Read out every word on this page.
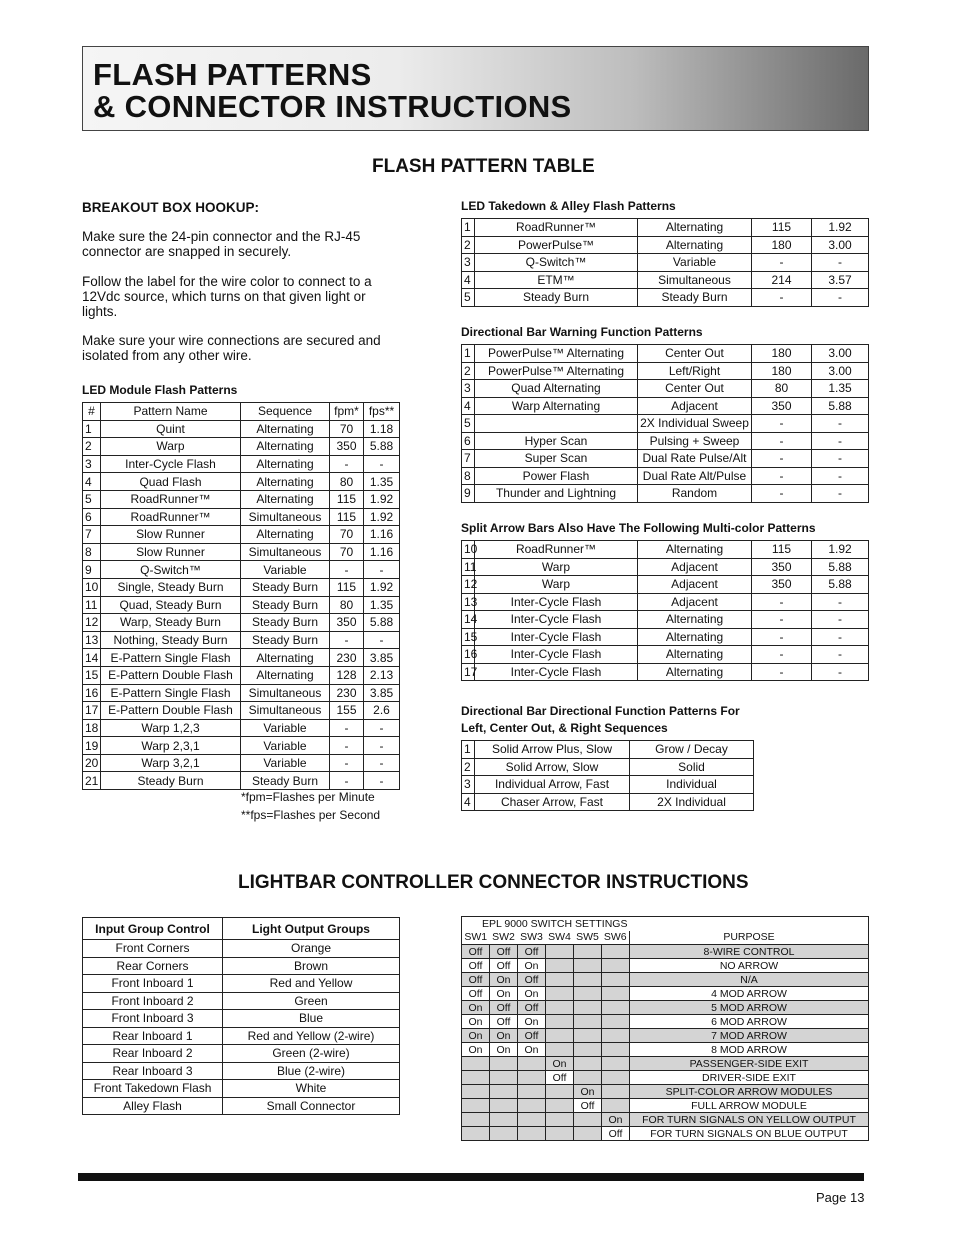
FLASH PATTERNS
& CONNECTOR INSTRUCTIONS
FLASH PATTERN TABLE
BREAKOUT BOX HOOKUP:
Make sure the 24-pin connector and the RJ-45 connector are snapped in securely.
Follow the label for the wire color to connect to a 12Vdc source, which turns on that given light or lights.
Make sure your wire connections are secured and isolated from any other wire.
LED Module Flash Patterns
#	Pattern Name	Sequence	fpm*	fps**
1	Quint	Alternating	70	1.18
2	Warp	Alternating	350	5.88
3	Inter-Cycle Flash	Alternating	-	-
4	Quad Flash	Alternating	80	1.35
5	RoadRunner™	Alternating	115	1.92
6	RoadRunner™	Simultaneous	115	1.92
7	Slow Runner	Alternating	70	1.16
8	Slow Runner	Simultaneous	70	1.16
9	Q-Switch™	Variable	-	-
10	Single, Steady Burn	Steady Burn	115	1.92
11	Quad, Steady Burn	Steady Burn	80	1.35
12	Warp, Steady Burn	Steady Burn	350	5.88
13	Nothing, Steady Burn	Steady Burn	-	-
14	E-Pattern Single Flash	Alternating	230	3.85
15	E-Pattern Double Flash	Alternating	128	2.13
16	E-Pattern Single Flash	Simultaneous	230	3.85
17	E-Pattern Double Flash	Simultaneous	155	2.6
18	Warp 1,2,3	Variable	-	-
19	Warp 2,3,1	Variable	-	-
20	Warp 3,2,1	Variable	-	-
21	Steady Burn	Steady Burn	-	-
*fpm=Flashes per Minute
**fps=Flashes per Second
LED Takedown & Alley Flash Patterns
1	RoadRunner™	Alternating	115	1.92
2	PowerPulse™	Alternating	180	3.00
3	Q-Switch™	Variable	-	-
4	ETM™	Simultaneous	214	3.57
5	Steady Burn	Steady Burn	-	-
Directional Bar Warning Function Patterns
1	PowerPulse™ Alternating	Center Out	180	3.00
2	PowerPulse™ Alternating	Left/Right	180	3.00
3	Quad Alternating	Center Out	80	1.35
4	Warp Alternating	Adjacent	350	5.88
5		2X Individual Sweep	-	-
6	Hyper Scan	Pulsing + Sweep	-	-
7	Super Scan	Dual Rate Pulse/Alt	-	-
8	Power Flash	Dual Rate Alt/Pulse	-	-
9	Thunder and Lightning	Random	-	-
Split Arrow Bars Also Have The Following Multi-color Patterns
10	RoadRunner™	Alternating	115	1.92
11	Warp	Adjacent	350	5.88
12	Warp	Adjacent	350	5.88
13	Inter-Cycle Flash	Adjacent	-	-
14	Inter-Cycle Flash	Alternating	-	-
15	Inter-Cycle Flash	Alternating	-	-
16	Inter-Cycle Flash	Alternating	-	-
17	Inter-Cycle Flash	Alternating	-	-
Directional Bar Directional Function Patterns For
Left, Center Out, & Right Sequences
1	Solid Arrow Plus, Slow	Grow / Decay
2	Solid Arrow, Slow	Solid
3	Individual Arrow, Fast	Individual
4	Chaser Arrow, Fast	2X Individual
LIGHTBAR CONTROLLER CONNECTOR INSTRUCTIONS
Input Group Control	Light Output Groups
Front Corners	Orange
Rear Corners	Brown
Front Inboard 1	Red and Yellow
Front Inboard 2	Green
Front Inboard 3	Blue
Rear Inboard 1	Red and Yellow (2-wire)
Rear Inboard 2	Green (2-wire)
Rear Inboard 3	Blue (2-wire)
Front Takedown Flash	White
Alley Flash	Small Connector
EPL 9000 SWITCH SETTINGS						
SW1	SW2	SW3	SW4	SW5	SW6	PURPOSE
Off	Off	Off				8-WIRE CONTROL
Off	Off	On				NO ARROW
Off	On	Off				N/A
Off	On	On				4 MOD ARROW
On	Off	Off				5 MOD ARROW
On	Off	On				6 MOD ARROW
On	On	Off				7 MOD ARROW
On	On	On				8 MOD ARROW
			On			PASSENGER-SIDE EXIT
			Off			DRIVER-SIDE EXIT
				On		SPLIT-COLOR ARROW MODULES
				Off		FULL ARROW MODULE
					On	FOR TURN SIGNALS ON YELLOW OUTPUT
					Off	FOR TURN SIGNALS ON BLUE OUTPUT
Page 13
